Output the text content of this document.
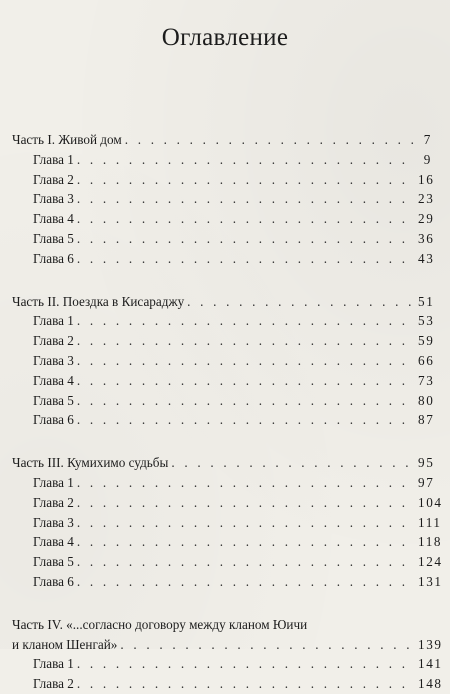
Оглавление
Часть I. Живой дом . . .	7
Глава 1 . . .	9
Глава 2 . . .	16
Глава 3 . . .	23
Глава 4 . . .	29
Глава 5 . . .	36
Глава 6 . . .	43
Часть II. Поездка в Кисараджу . . .	51
Глава 1 . . .	53
Глава 2 . . .	59
Глава 3 . . .	66
Глава 4 . . .	73
Глава 5 . . .	80
Глава 6 . . .	87
Часть III. Кумихимо судьбы . . .	95
Глава 1 . . .	97
Глава 2 . . .	104
Глава 3 . . .	111
Глава 4 . . .	118
Глава 5 . . .	124
Глава 6 . . .	131
Часть IV. «...согласно договору между кланом Юичи
и кланом Шенгай» . . .	139
Глава 1 . . .	141
Глава 2 . . .	148
